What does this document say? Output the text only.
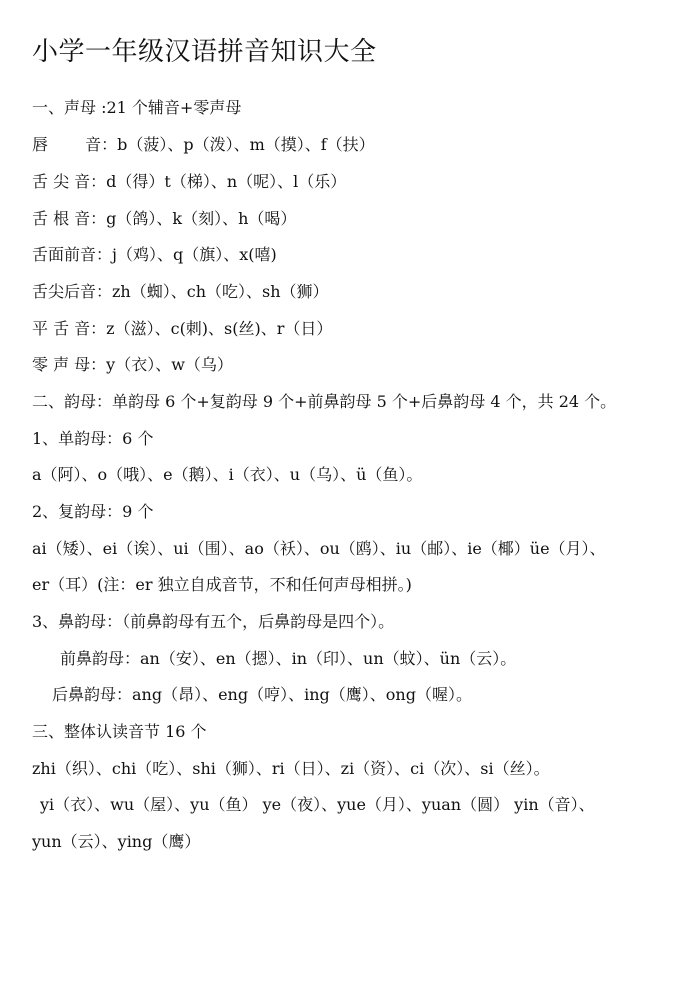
小学一年级汉语拼音知识大全
一、声母 :21 个辅音+零声母
唇　　 音：b（菠）、p（泼）、m（摸）、f（扶）
舌 尖 音：d（得）t（梯）、n（呢）、l（乐）
舌 根 音：g（鸽）、k（刻）、h（喝）
舌面前音：j（鸡）、q（旗）、x(嘻)
舌尖后音：zh（蜘）、ch（吃）、sh（狮）
平 舌 音：z（滋）、c(刺)、s(丝)、r（日）
零 声 母：y（衣）、w（乌）
二、韵母：单韵母 6 个+复韵母 9 个+前鼻韵母 5 个+后鼻韵母 4 个，共 24 个。
1、单韵母：6 个
a（阿）、o（哦）、e（鹅）、i（衣）、u（乌）、ü（鱼）。
2、复韵母：9 个
ai（矮）、ei（诶）、ui（围）、ao（袄）、ou（鸥）、iu（邮）、ie（椰）üe（月）、
er（耳）(注：er 独立自成音节，不和任何声母相拼。)
3、鼻韵母：（前鼻韵母有五个，后鼻韵母是四个）。
前鼻韵母：an（安）、en（摁）、in（印）、un（蚊）、ün（云）。
后鼻韵母：ang（昂）、eng（哼）、ing（鹰）、ong（喔）。
三、整体认读音节 16 个
zhi（织）、chi（吃）、shi（狮）、ri（日）、zi（资）、ci（次）、si（丝）。
yi（衣）、wu（屋）、yu（鱼） ye（夜）、yue（月）、yuan（圆） yin（音）、
yun（云）、ying（鹰）
